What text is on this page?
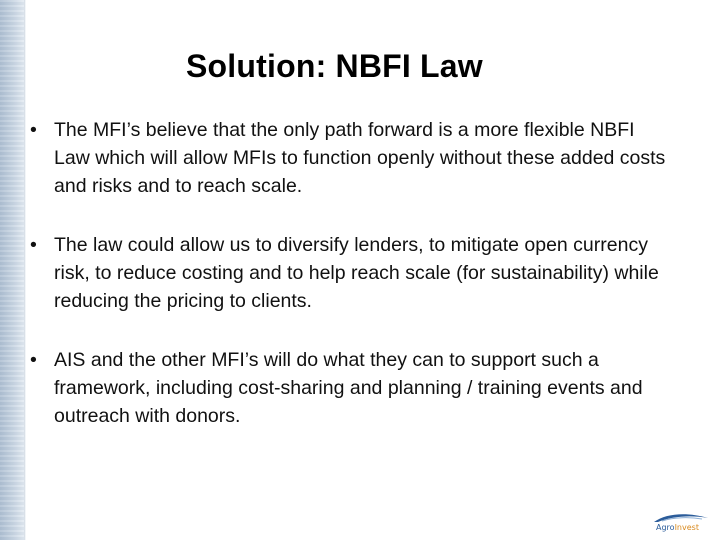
Solution: NBFI Law
• The MFI’s believe that the only path forward is a more flexible NBFI Law which will allow MFIs to function openly without these added costs and risks and to reach scale.
• The law could allow us to diversify lenders, to mitigate open currency risk, to reduce costing and to help reach scale (for sustainability) while reducing the pricing to clients.
• AIS and the other MFI’s will do what they can to support such a framework, including cost-sharing and planning / training events and outreach with donors.
AgroInvest
